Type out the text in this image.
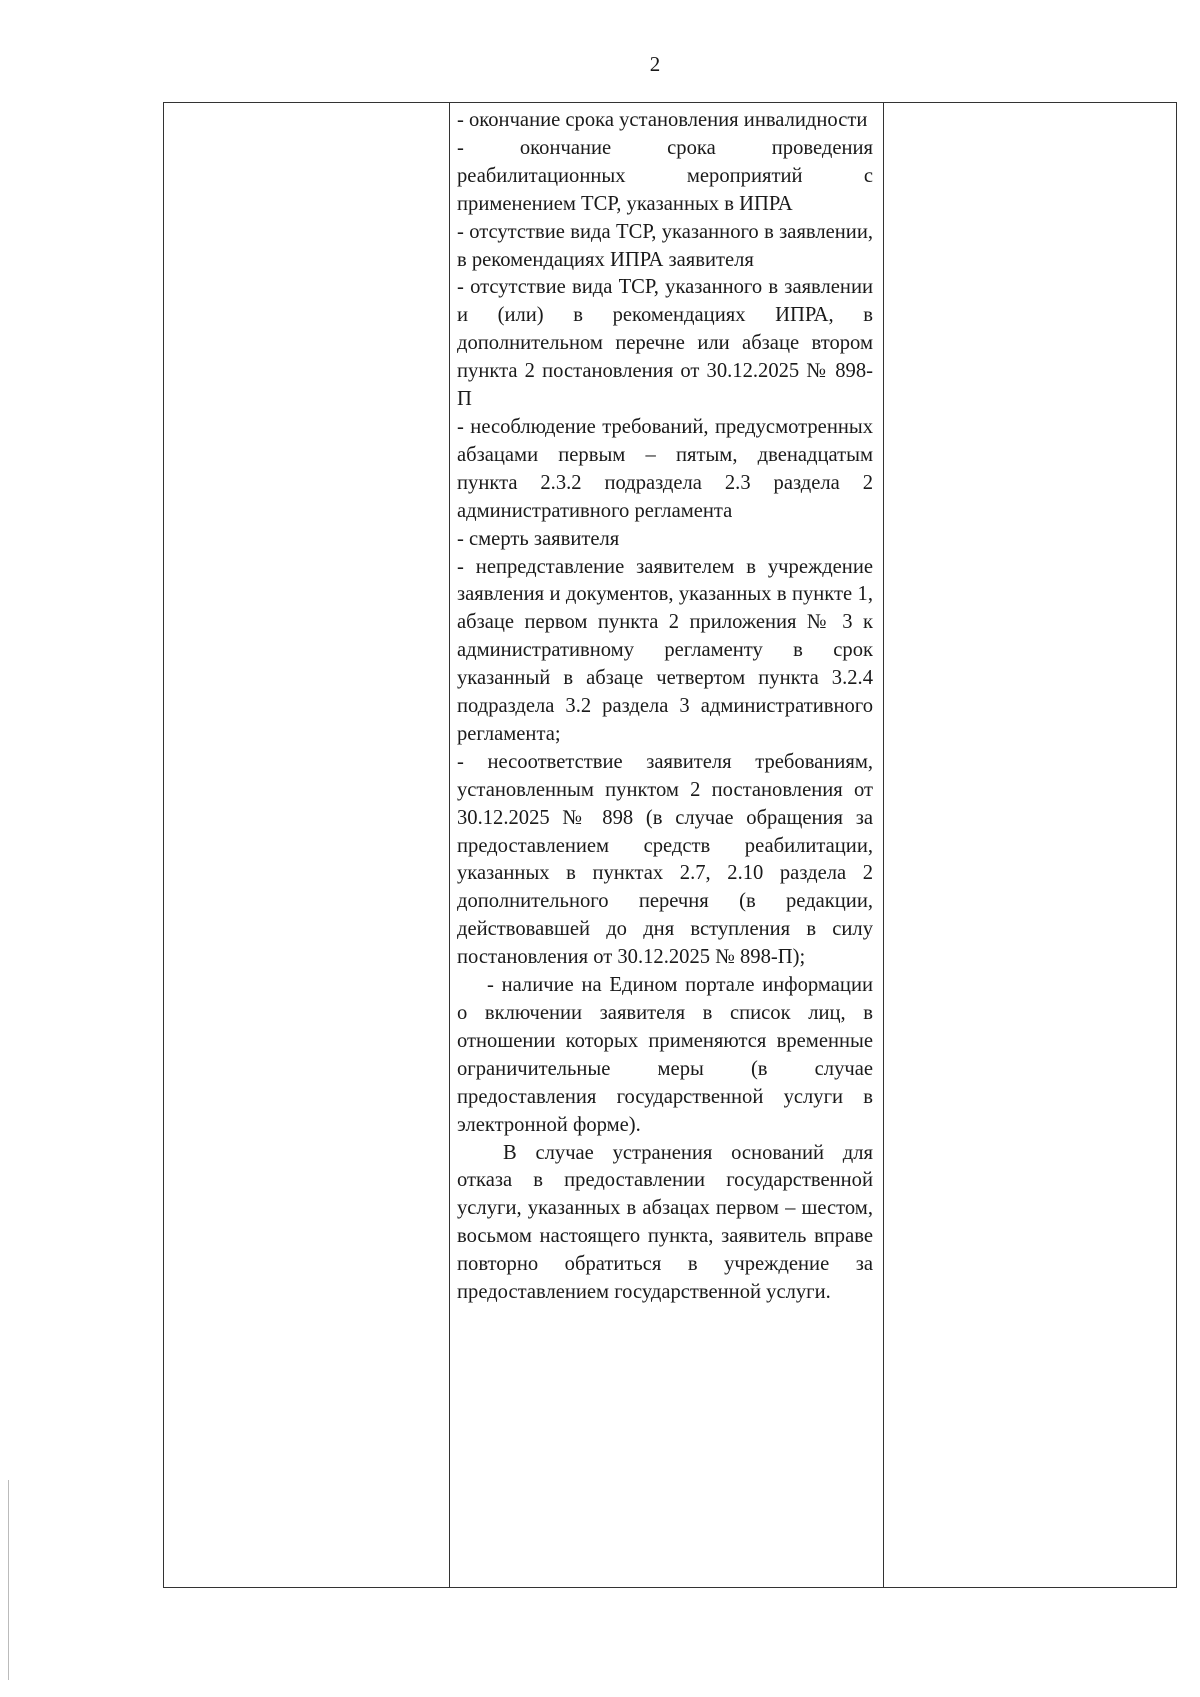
2

- окончание срока установления инвалидности

- окончание срока проведения реабилитационных мероприятий с применением ТСР, указанных в ИПРА

- отсутствие вида ТСР, указанного в заявлении, в рекомендациях ИПРА заявителя

- отсутствие вида ТСР, указанного в заявлении и (или) в рекомендациях ИПРА, в дополнительном перечне или абзаце втором пункта 2 постановления от 30.12.2025 № 898-П

- несоблюдение требований, предусмотренных абзацами первым – пятым, двенадцатым пункта 2.3.2 подраздела 2.3 раздела 2 административного регламента

- смерть заявителя

- непредставление заявителем в учреждение заявления и документов, указанных в пункте 1, абзаце первом пункта 2 приложения № 3 к административному регламенту в срок указанный в абзаце четвертом пункта 3.2.4 подраздела 3.2 раздела 3 административного регламента;

- несоответствие заявителя требованиям, установленным пунктом 2 постановления от 30.12.2025 № 898 (в случае обращения за предоставлением средств реабилитации, указанных в пунктах 2.7, 2.10 раздела 2 дополнительного перечня (в редакции, действовавшей до дня вступления в силу постановления от 30.12.2025 № 898-П);

- наличие на Едином портале информации о включении заявителя в список лиц, в отношении которых применяются временные ограничительные меры (в случае предоставления государственной услуги в электронной форме).

В случае устранения оснований для отказа в предоставлении государственной услуги, указанных в абзацах первом – шестом, восьмом настоящего пункта, заявитель вправе повторно обратиться в учреждение за предоставлением государственной услуги.
